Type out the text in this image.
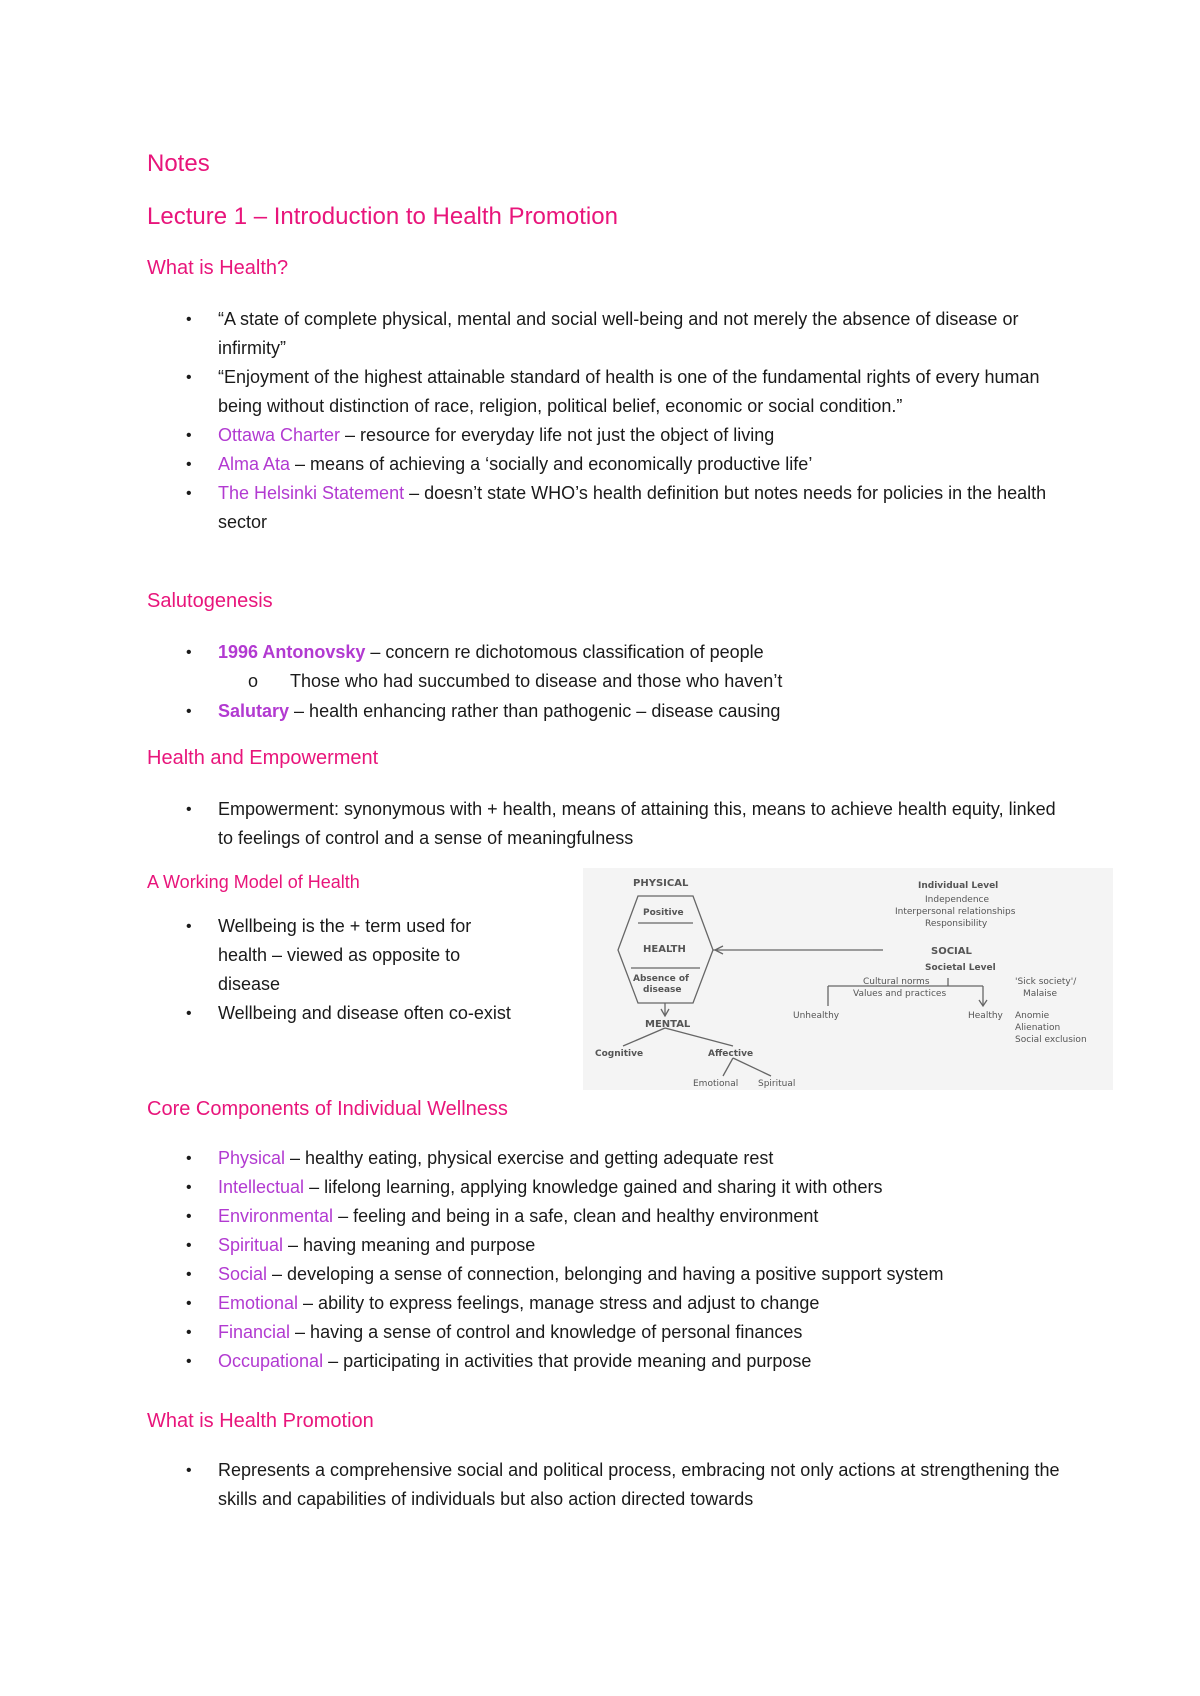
Notes
Lecture 1 – Introduction to Health Promotion
What is Health?
• “A state of complete physical, mental and social well-being and not merely the absence of disease or infirmity”
• “Enjoyment of the highest attainable standard of health is one of the fundamental rights of every human being without distinction of race, religion, political belief, economic or social condition.”
• Ottawa Charter – resource for everyday life not just the object of living
• Alma Ata – means of achieving a ‘socially and economically productive life’
• The Helsinki Statement – doesn’t state WHO’s health definition but notes needs for policies in the health sector
Salutogenesis
• 1996 Antonovsky – concern re dichotomous classification of people
o Those who had succumbed to disease and those who haven’t
• Salutary – health enhancing rather than pathogenic – disease causing
Health and Empowerment
• Empowerment: synonymous with + health, means of attaining this, means to achieve health equity, linked to feelings of control and a sense of meaningfulness
A Working Model of Health
• Wellbeing is the + term used for health – viewed as opposite to disease
• Wellbeing and disease often co-exist
PHYSICAL
Positive
HEALTH
Absence of
disease
MENTAL
Cognitive	Affective
Emotional Spiritual
Individual Level
Independence
Interpersonal relationships
Responsibility
SOCIAL
Societal Level
Cultural norms
Values and practices
Unhealthy	Healthy
'Sick society'/
Malaise
Anomie
Alienation
Social exclusion
Core Components of Individual Wellness
• Physical – healthy eating, physical exercise and getting adequate rest
• Intellectual – lifelong learning, applying knowledge gained and sharing it with others
• Environmental – feeling and being in a safe, clean and healthy environment
• Spiritual – having meaning and purpose
• Social – developing a sense of connection, belonging and having a positive support system
• Emotional – ability to express feelings, manage stress and adjust to change
• Financial – having a sense of control and knowledge of personal finances
• Occupational – participating in activities that provide meaning and purpose
What is Health Promotion
• Represents a comprehensive social and political process, embracing not only actions at strengthening the skills and capabilities of individuals but also action directed towards
